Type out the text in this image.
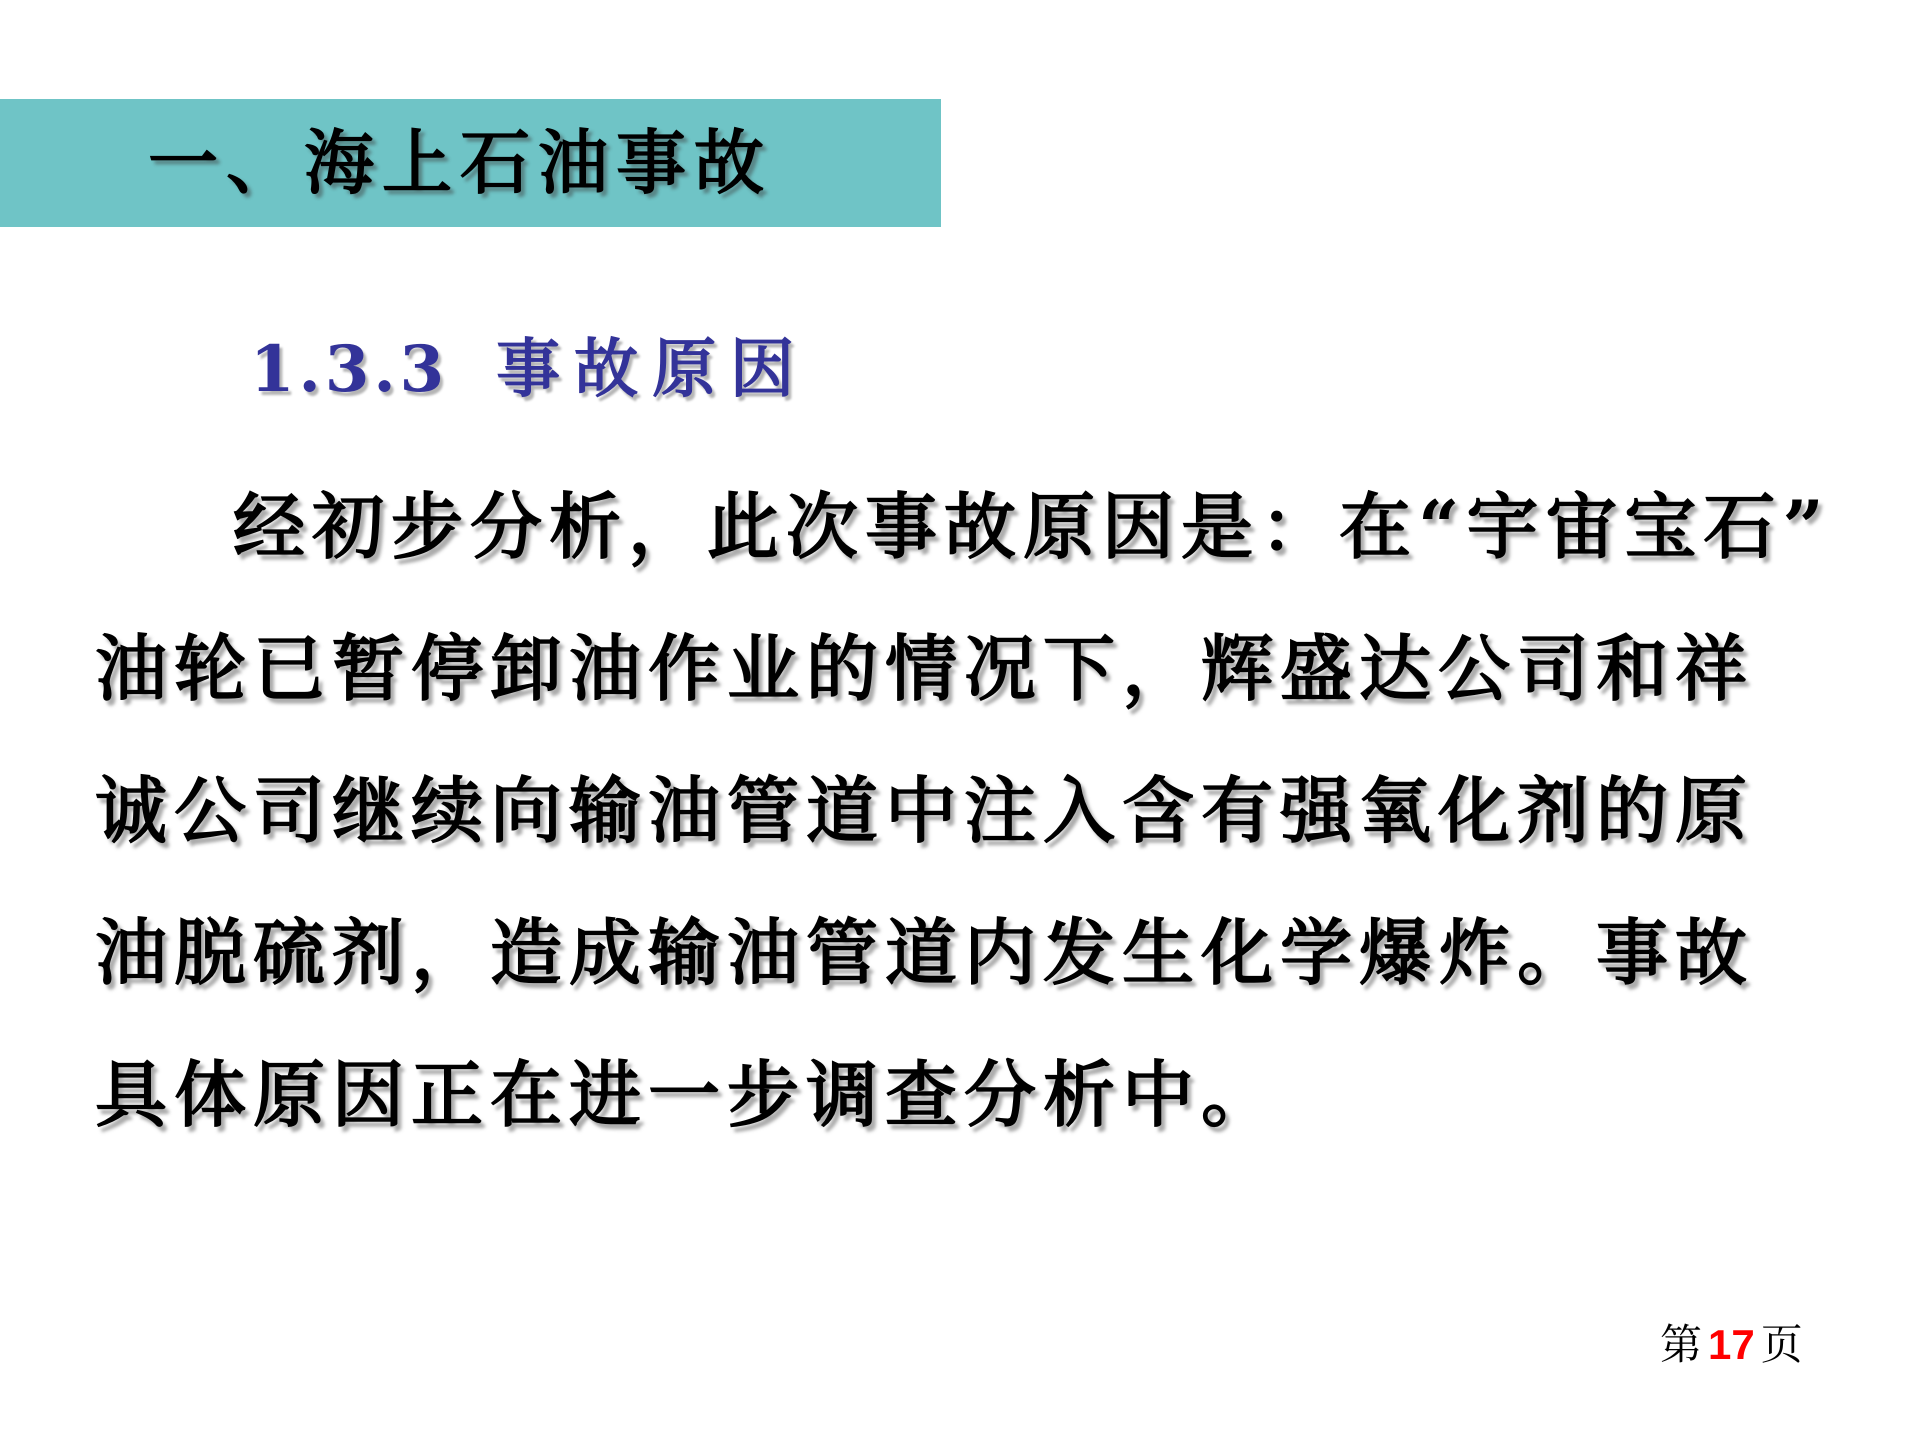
一、海上石油事故
1.3.3 事故原因
经初步分析，此次事故原因是：在“宇宙宝石”
油轮已暂停卸油作业的情况下，辉盛达公司和祥
诚公司继续向输油管道中注入含有强氧化剂的原
油脱硫剂，造成输油管道内发生化学爆炸。事故
具体原因正在进一步调查分析中。
第 17 页
